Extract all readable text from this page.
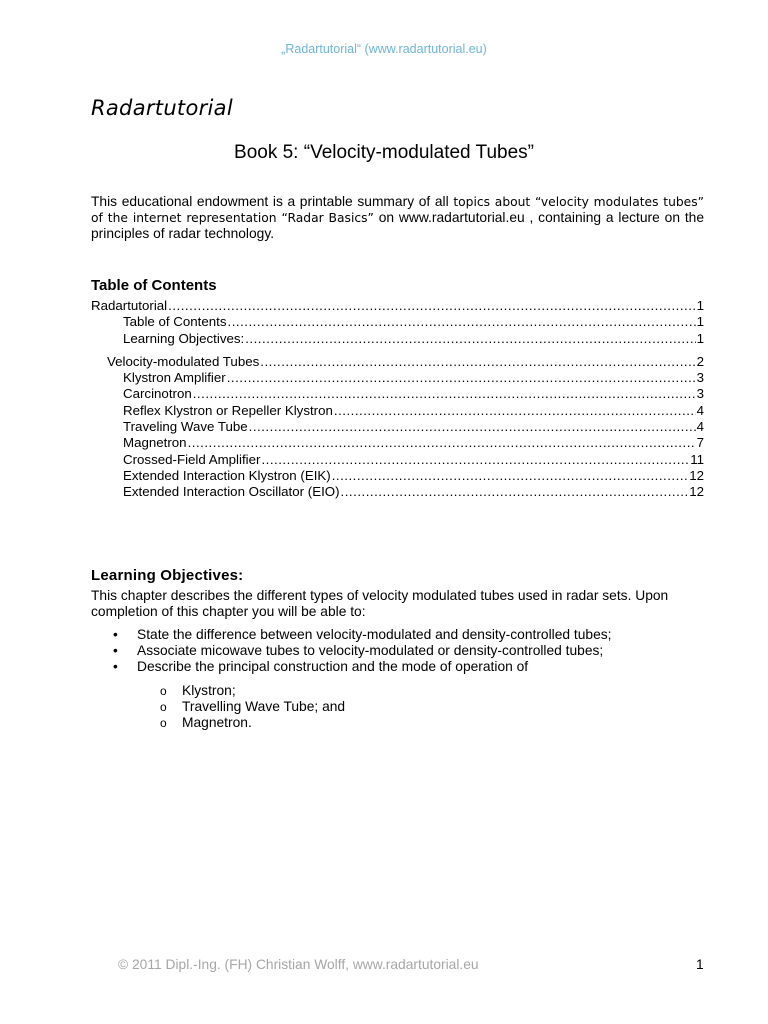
„Radartutorial“ (www.radartutorial.eu)
Radartutorial
Book 5: “Velocity-modulated Tubes”
This educational endowment is a printable summary of all topics about “velocity modulates tubes” of the internet representation “Radar Basics” on www.radartutorial.eu , containing a lecture on the principles of radar technology.
Table of Contents
Radartutorial .....	1
Table of Contents .....	1
Learning Objectives: .....	1
Velocity-modulated Tubes .....	2
Klystron Amplifier .....	3
Carcinotron .....	3
Reflex Klystron or Repeller Klystron .....	4
Traveling Wave Tube .....	4
Magnetron .....	7
Crossed-Field Amplifier .....	11
Extended Interaction Klystron (EIK) .....	12
Extended Interaction Oscillator (EIO) .....	12
Learning Objectives:
This chapter describes the different types of velocity modulated tubes used in radar sets. Upon completion of this chapter you will be able to:
• State the difference between velocity-modulated and density-controlled tubes;
• Associate micowave tubes to velocity-modulated or density-controlled tubes;
• Describe the principal construction and the mode of operation of
o Klystron;
o Travelling Wave Tube; and
o Magnetron.
© 2011 Dipl.-Ing. (FH) Christian Wolff, www.radartutorial.eu	1
